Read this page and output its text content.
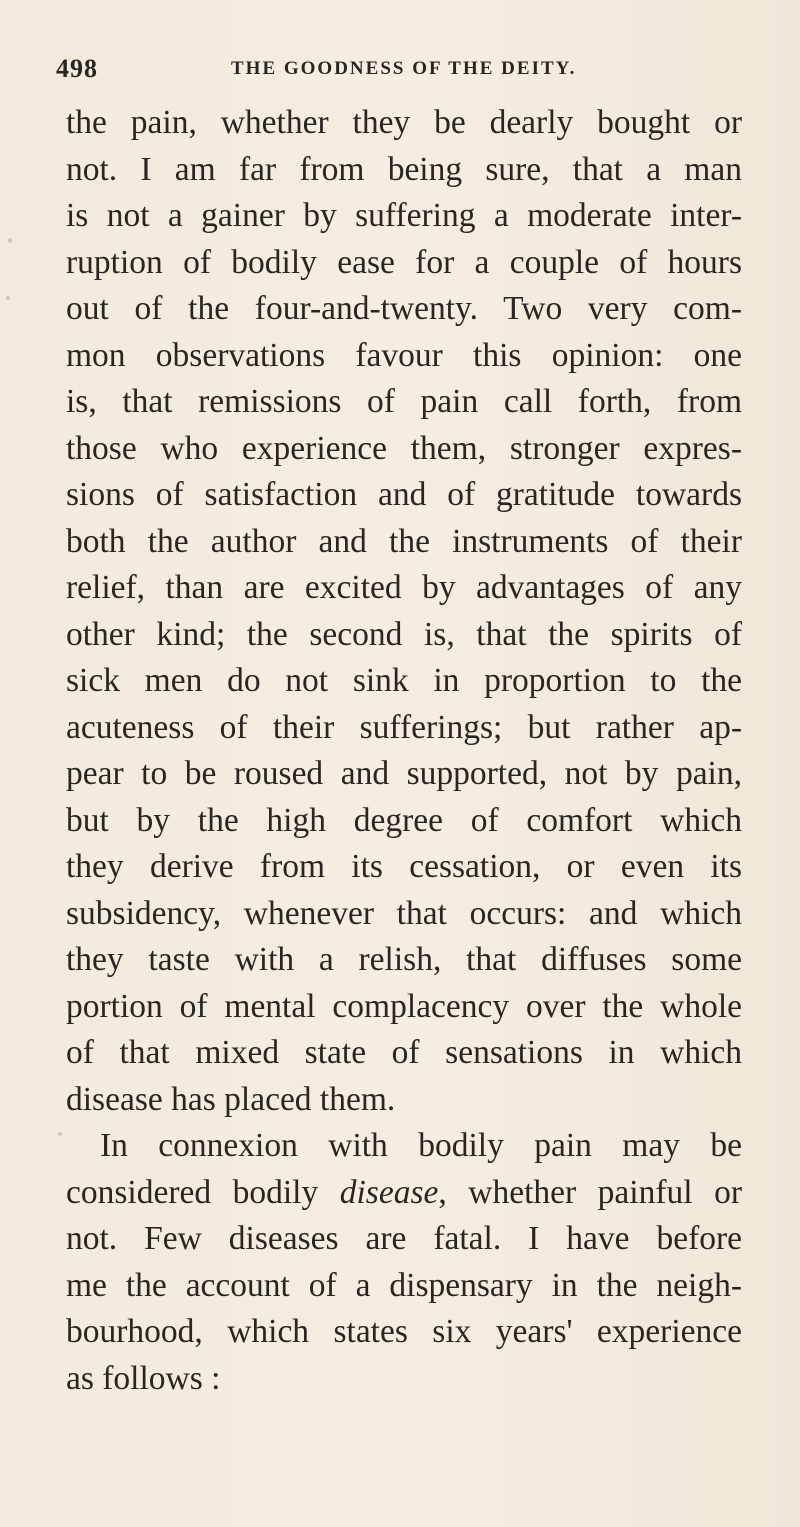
498	THE GOODNESS OF THE DEITY.
the pain, whether they be dearly bought or
not. I am far from being sure, that a man
is not a gainer by suffering a moderate inter-
ruption of bodily ease for a couple of hours
out of the four-and-twenty. Two very com-
mon observations favour this opinion: one
is, that remissions of pain call forth, from
those who experience them, stronger expres-
sions of satisfaction and of gratitude towards
both the author and the instruments of their
relief, than are excited by advantages of any
other kind; the second is, that the spirits of
sick men do not sink in proportion to the
acuteness of their sufferings; but rather ap-
pear to be roused and supported, not by pain,
but by the high degree of comfort which
they derive from its cessation, or even its
subsidency, whenever that occurs: and which
they taste with a relish, that diffuses some
portion of mental complacency over the whole
of that mixed state of sensations in which
disease has placed them.
In connexion with bodily pain may be
considered bodily disease, whether painful or
not. Few diseases are fatal. I have before
me the account of a dispensary in the neigh-
bourhood, which states six years' experience
as follows :
